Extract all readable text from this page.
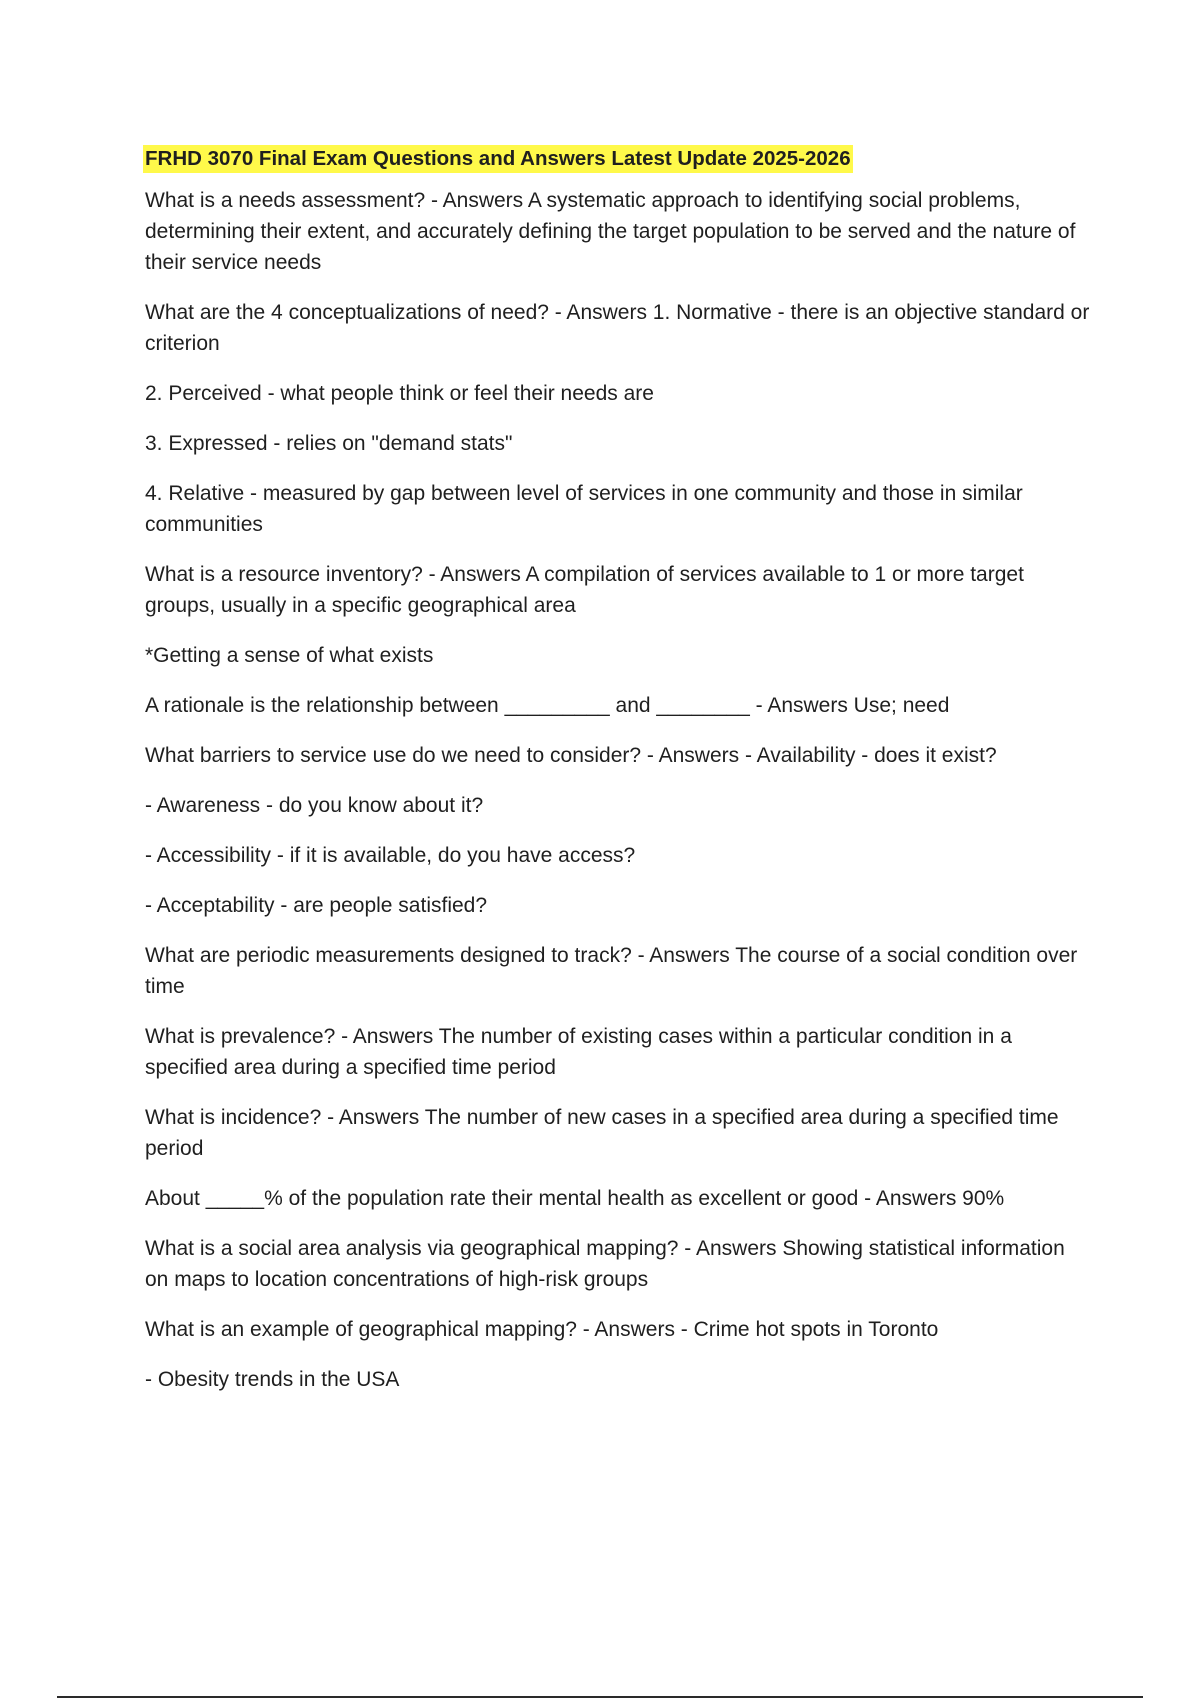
FRHD 3070 Final Exam Questions and Answers Latest Update 2025-2026

What is a needs assessment? - Answers A systematic approach to identifying social problems, determining their extent, and accurately defining the target population to be served and the nature of their service needs

What are the 4 conceptualizations of need? - Answers 1. Normative - there is an objective standard or criterion

2. Perceived - what people think or feel their needs are

3. Expressed - relies on "demand stats"

4. Relative - measured by gap between level of services in one community and those in similar communities

What is a resource inventory? - Answers A compilation of services available to 1 or more target groups, usually in a specific geographical area

*Getting a sense of what exists

A rationale is the relationship between _________ and ________ - Answers Use; need

What barriers to service use do we need to consider? - Answers - Availability - does it exist?

- Awareness - do you know about it?

- Accessibility - if it is available, do you have access?

- Acceptability - are people satisfied?

What are periodic measurements designed to track? - Answers The course of a social condition over time

What is prevalence? - Answers The number of existing cases within a particular condition in a specified area during a specified time period

What is incidence? - Answers The number of new cases in a specified area during a specified time period

About _____% of the population rate their mental health as excellent or good - Answers 90%

What is a social area analysis via geographical mapping? - Answers Showing statistical information on maps to location concentrations of high-risk groups

What is an example of geographical mapping? - Answers - Crime hot spots in Toronto

- Obesity trends in the USA
